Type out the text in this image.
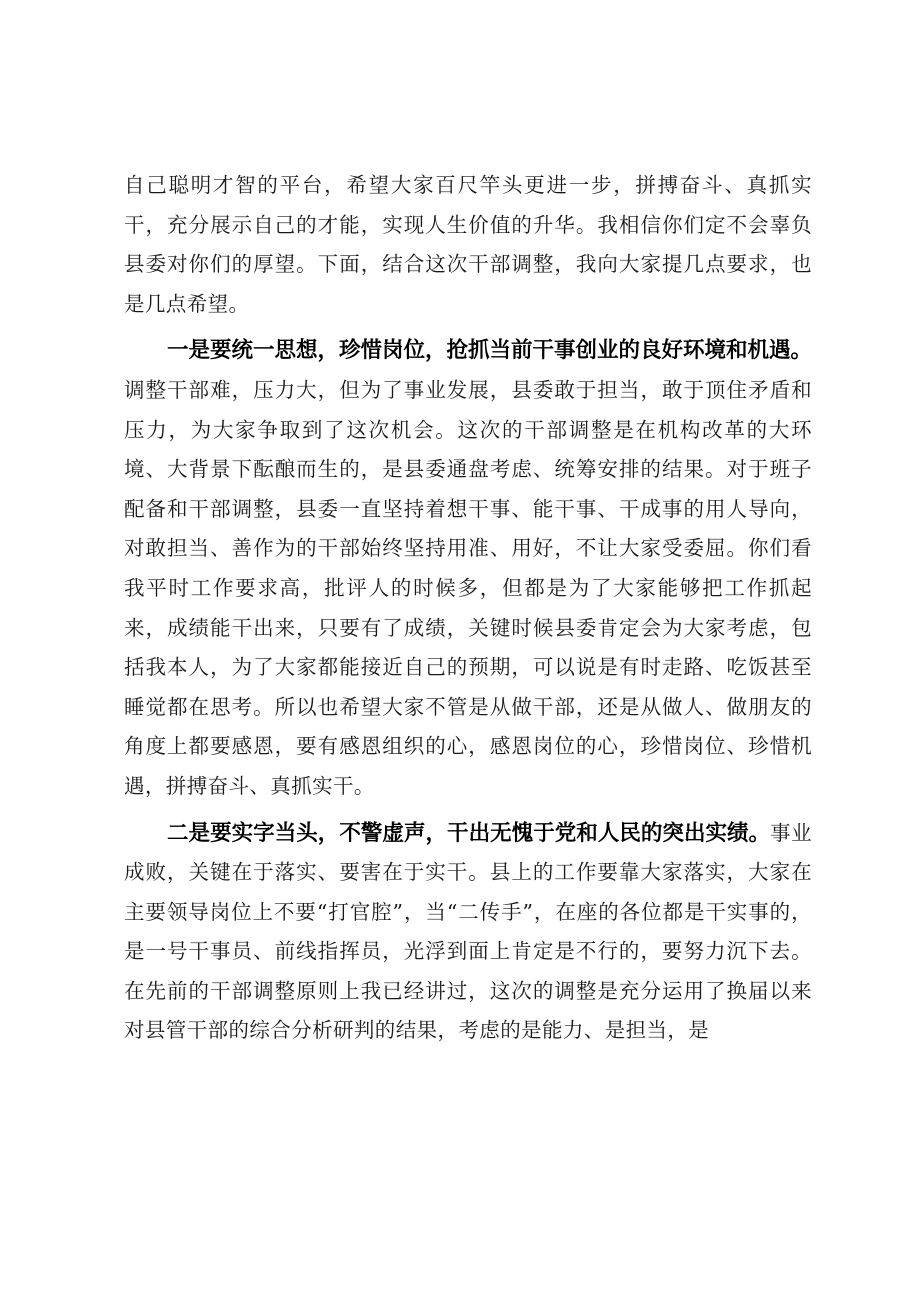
自己聪明才智的平台，希望大家百尺竿头更进一步，拼搏奋斗、真抓实干，充分展示自己的才能，实现人生价值的升华。我相信你们定不会辜负县委对你们的厚望。下面，结合这次干部调整，我向大家提几点要求，也是几点希望。

一是要统一思想，珍惜岗位，抢抓当前干事创业的良好环境和机遇。调整干部难，压力大，但为了事业发展，县委敢于担当，敢于顶住矛盾和压力，为大家争取到了这次机会。这次的干部调整是在机构改革的大环境、大背景下酝酿而生的，是县委通盘考虑、统筹安排的结果。对于班子配备和干部调整，县委一直坚持着想干事、能干事、干成事的用人导向，对敢担当、善作为的干部始终坚持用准、用好，不让大家受委屈。你们看我平时工作要求高，批评人的时候多，但都是为了大家能够把工作抓起来，成绩能干出来，只要有了成绩，关键时候县委肯定会为大家考虑，包括我本人，为了大家都能接近自己的预期，可以说是有时走路、吃饭甚至睡觉都在思考。所以也希望大家不管是从做干部，还是从做人、做朋友的角度上都要感恩，要有感恩组织的心，感恩岗位的心，珍惜岗位、珍惜机遇，拼搏奋斗、真抓实干。

二是要实字当头，不警虚声，干出无愧于党和人民的突出实绩。事业成败，关键在于落实、要害在于实干。县上的工作要靠大家落实，大家在主要领导岗位上不要“打官腔”，当“二传手”，在座的各位都是干实事的，是一号干事员、前线指挥员，光浮到面上肯定是不行的，要努力沉下去。在先前的干部调整原则上我已经讲过，这次的调整是充分运用了换届以来对县管干部的综合分析研判的结果，考虑的是能力、是担当，是
